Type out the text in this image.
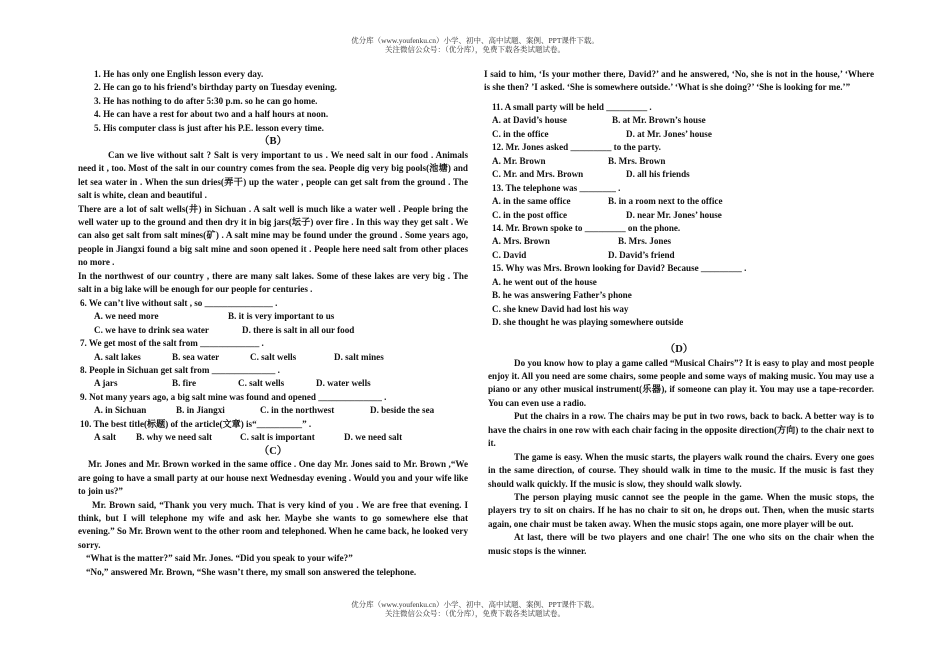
优分库（www.youfenku.cn）小学、初中、高中试题、案例、PPT课件下载。
关注微信公众号：（优分库），免费下载各类试题试卷。

1. He has only one English lesson every day.

2. He can go to his friend’s birthday party on Tuesday evening.

3. He has nothing to do after 5:30 p.m. so he can go home.

4. He can have a rest for about two and a half hours at noon.

5. His computer class is just after his P.E. lesson every time.

（B）

Can we live without salt ? Salt is very important to us . We need salt in our food . Animals need it , too. Most of the salt in our country comes from the sea. People dig very big pools(池塘) and let sea water in . When the sun dries(弄干) up the water , people can get salt from the ground . The salt is white, clean and beautiful .

There are a lot of salt wells(井) in Sichuan . A salt well is much like a water well . People bring the well water up to the ground and then dry it in big jars(坛子) over fire . In this way they get salt . We can also get salt from salt mines(矿) . A salt mine may be found under the ground . Some years ago, people in Jiangxi found a big salt mine and soon opened it . People here need salt from other places no more .

In the northwest of our country , there are many salt lakes. Some of these lakes are very big . The salt in a big lake will be enough for our people for centuries .

6. We can’t live without salt , so _______________ .

A. we need more	B. it is very important to us

C. we have to drink sea water	D. there is salt in all our food

7. We get most of the salt from _____________ .

A. salt lakes	B. sea water	C. salt wells	D. salt mines

8. People in Sichuan get salt from ______________ .

A jars	B. fire	C. salt wells	D. water wells

9. Not many years ago, a big salt mine was found and opened ______________ .

A. in Sichuan	B. in Jiangxi	C. in the northwest	D. beside the sea

10. The best title(标题) of the article(文章) is“__________” .

A salt	B. why we need salt	C. salt is important	D. we need salt

（C）

Mr. Jones and Mr. Brown worked in the same office . One day Mr. Jones said to Mr. Brown ,“We are going to have a small party at our house next Wednesday evening . Would you and your wife like to join us?”

Mr. Brown said, “Thank you very much. That is very kind of you . We are free that evening. I think, but I will telephone my wife and ask her. Maybe she wants to go somewhere else that evening.” So Mr. Brown went to the other room and telephoned. When he came back, he looked very sorry.

“What is the matter?” said Mr. Jones. “Did you speak to your wife?”

“No,” answered Mr. Brown, “She wasn’t there, my small son answered the telephone.

I said to him, ‘Is your mother there, David?’ and he answered, ‘No, she is not in the house,’ ‘Where is she then? ’I asked. ‘She is somewhere outside.’ ‘What is she doing?’ ‘She is looking for me.’”

11. A small party will be held _________ .

A. at David’s house	B. at Mr. Brown’s house

C. in the office	D. at Mr. Jones’ house

12. Mr. Jones asked _________ to the party.

A. Mr. Brown	B. Mrs. Brown

C. Mr. and Mrs. Brown	D. all his friends

13. The telephone was ________ .

A. in the same office	B. in a room next to the office

C. in the post office	D. near Mr. Jones’ house

14. Mr. Brown spoke to _________ on the phone.

A. Mrs. Brown	B. Mrs. Jones

C. David	D. David’s friend

15. Why was Mrs. Brown looking for David? Because _________ .

A. he went out of the house

B. he was answering Father’s phone

C. she knew David had lost his way

D. she thought he was playing somewhere outside

（D）

Do you know how to play a game called “Musical Chairs”? It is easy to play and most people enjoy it. All you need are some chairs, some people and some ways of making music. You may use a piano or any other musical instrument(乐器), if someone can play it. You may use a tape-recorder. You can even use a radio.

Put the chairs in a row. The chairs may be put in two rows, back to back. A better way is to have the chairs in one row with each chair facing in the opposite direction(方向) to the chair next to it.

The game is easy. When the music starts, the players walk round the chairs. Every one goes in the same direction, of course. They should walk in time to the music. If the music is fast they should walk quickly. If the music is slow, they should walk slowly.

The person playing music cannot see the people in the game. When the music stops, the players try to sit on chairs. If he has no chair to sit on, he drops out. Then, when the music starts again, one chair must be taken away. When the music stops again, one more player will be out.

At last, there will be two players and one chair! The one who sits on the chair when the music stops is the winner.

优分库（www.youfenku.cn）小学、初中、高中试题、案例、PPT课件下载。
关注微信公众号：（优分库），免费下载各类试题试卷。
